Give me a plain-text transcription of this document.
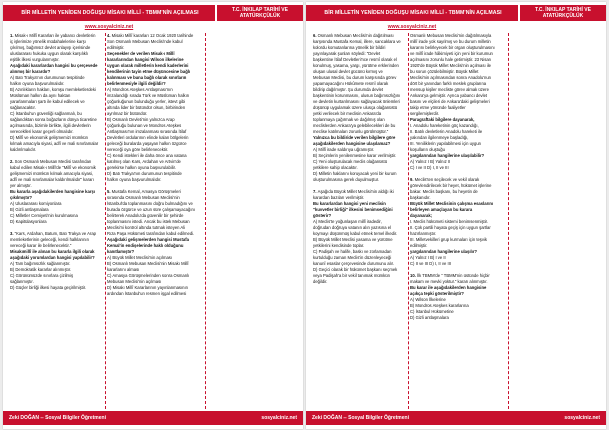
BİR MİLLETİN YENİDEN DOĞUŞU MİSAKI MİLLİ - TBMM'NİN AÇILMASI	T.C. İNKILAP TARİHİ VE
ATATÜRKÇÜLÜK
www.sosyalciniz.net

1. Misak-ı Millî Kararları ile yabancı devletlerin

iç işlerimize yönelik müdahalelerine karşı

çıkılmış, bağımsız devlet anlayışı içerisinde

uluslararası hukuka uygun olarak karşılıklı

eşitlik ilkesi vurgulanmıştır.

Aşağıdaki kararlardan hangisi bu çerçevede

alınmış bir karardır?

A) Batı Trakya'nın durumunun tespitinde

halkın oyuna başvurulmalıdır.

B) Azınlıkların hakları, komşu memleketlerdeki

Müslüman halkın da aynı haktan

yararlanmaları şartı ile kabul edilecek ve

sağlanacaktır.

C) İstanbul'un güvenliği sağlanmalı, bu

sağlandıktan sonra boğazların dünya ticaretine

açılmasında, bizimle birlikte, ilgili devletlerin

vereceklleri karar geçerli olmalıdır.

D) Millî ve ekonomik gelişmemizi mümkün

kılmak amacıyla siyasi, adlî ve mali sınırlamalar

kaldırılmalıdır.

2. Son Osmanlı Mebusan Meclisi tarafından

kabul edilen Misak-ı Millî'de "Millî ve ekonomik

gelişmemizi mümkün kılmak amacıyla siyasi,

adlî ve mali sınırlamalar kaldırılmalıdır" kararı

yer almıştır.

Bu kararla aşağıdakilerden hangisine karşı

çıkılmıştır?

A) Uluslararası komiyonlara

B) Gizli antlaşmalara

C) Milletler Cemiyeti'nin kurulmasına

D) Kapitülasyonlara

3. "Kars, Ardahan, Batum, Batı Trakya ve Arap

memleketlerinin geleceği, kendi halklarının

vereceği karar ile belirlenecektir."

Misakımillî ile alınan bu kararla ilgili olarak

aşağıdaki yorumlardan hangisi yapılabilir?

A) Tam bağımsızlık sağlanmıştır.

B) Demokratik kararlar alınmıştır.

C) Görünümüzde sınırlara çizilmiş

sağlanmıştır.

D) Güçler birliği ilkesi hayata geçirilmiştir.

4. Misakı Millî kararları 12 Ocak 1920 tarihinde

Son Osmanlı Mebusan Meclisi'nde kabul

edilmiştir.

Seçenekler de verilen Misak-ı Millî

kararlarından hangisi Wilson ilkelerine

uygun olarak milletlerin kendi kaderlerini

kendilerinin tayin etme düşüncesine bağlı

kalınması ve buna bağlı olarak sınırların

belirlenmesiyle ilgili değildir?

A) Mondros Ateşkes Antlaşması'nın

imzalandığı sırada Türk ve Müslüman halkın

çoğunluğunun bulunduğu yerler, istevt gibi

altında lider bir bütündür olsun, birbirinden

ayrılmaz bir bütündür.

B) Osmanlı Devleti'nin yalnızca Arap

çoğunluğu bulunan ve Mondros Ateşkes

Antlaşması'nın imzalanması sırasında İtilaf

Devletleri ordularının elinde kalan bölgelerin

geleceği buralarda yaşayan halkın özgürce

vereceği oya göre belirlenecektir.

C) Kendi istekleri ile daha önce ana vatana

katılmış olan Kars, Ardahan ve Artvin'de

gerekirse halkın oyuna başvurulabilir.

D) Batı Trakya'nın durumunun tespitinde

halkın oyuna başvurulmalıdır.

5. Mustafa Kemal, Amasya Görüşmeleri

sırasında Osmanlı Mebusan Meclisi'nin

İstanbul'da toplanmasını doğru bulmadığını ve

burada özgürce ve uzun süre çalışamayacağını

belirterek Anadolu'da güvenilir bir şehirde

toplanmasını istedi. Ancak bu istek Mebusan

Meclisi'ni kontrol altında tutmak isteyen Ali

Rıza Paşa Hükümeti tarafından kabul edilmedi.

Aşağıdaki gelişmelerden hangisi Mustafa

Kemal'in endişelerinde haklı olduğunu

kanıtlamıştır?

A) Büyük Millet Meclisi'nin açılması

B) Osmanlı Mebusan Meclisi'nin Misakı Millî

kararlarını alması

C) Amasya Görüşmelerinden sonra Osmanlı

Mebusan Meclisi'nin açılması

D) Misakı Millî Kararlarının yayınlanmasının

ardından İstanbul'un resmen işgal edilmesi

Zeki DOĞAN -- Sosyal Bilgiler Öğretmeni	sosyalciniz.net
BİR MİLLETİN YENİDEN DOĞUŞU MİSAKI MİLLİ - TBMM'NİN AÇILMASI	T.C. İNKILAP TARİHİ VE
ATATÜRKÇÜLÜK
www.sosyalciniz.net

6. Osmanlı Mebusan Meclisi'nin dağıtılması

karşısında Mustafa Kemal, illere, sancaklara ve

kolordu komutanlarına yönelik bir bildiri

yayınlayarak şunları söyledi: "Devlet

başkentine İtilaf Devletleri'nce resmî olarak el

konulmuş, yasama, yargı, yürütme erklerinden

oluşan ulusal devlet gücünü kırmış ve

Mebusan Meclisi, bu durum karşısında görev

yapamayacağını Hükûmete resmî olarak

bildirip dağılmıştır. Şu durumda devlet

başkentinin korunmasını, ulusun bağımsızlığını

ve devletin kurtarılmasını sağlayacak önlemleri

düşünüp uygulamak üzere ulusça olağanüstü

yetki verilecek bir meclisin Ankara'da

toplanmaya çağırmak ve dağılmış olan

meclislerden Ankara'ya gelebilecekleri de bu

meclise katılmaları zorunlu görülmüştür."

Yalnızca bu bildiride verilen bilgilere göre

aşağıdakilerden hangisine ulaşılamaz?

A) Millî irade saldırıya uğramıştır.

B) Seçimlerin yenilenmesine karar verilmiştir.

C) Yeni oluşturulacak meclis olağanüstü

yetkilere sahip olacaktır.

D) Milletin haklarını koruyacak yeni bir kurum

oluşturulmasına gerek duyulmuştur.

7. Aşağıda Büyük Millet Meclisi'nin aldığı iki

karardan bazıları verilmiştir.

Bu kararlardan hangisi yeni meclisin

"kuvvetler birliği" ilkesini benimsediğini

gösterir?

A) Meclis'te yoğunlaşan millî iradedir,

doğrudan doğruya vatanın alın yazısına el

koymayı düşünmüş kabul etmek temel ilkedir.

B) Büyük Millet Meclisi yasama ve yürütme

yetkilerini kendisinde toplar.

C) Padişah ve halife, baskı ve zorlamadan

kurtulduğu zaman Meclis'in düzenleyeceği

kanunî esaslar çerçevesinde durumunu alır.

D) Geçici olarak bir hükümet başkanı seçmek

veya Padişah'a bir vekil tanımak mümkün

değildir.

Osmanlı Mebusan Meclisi'nin dağıtılmasıyla

millî irade yok sayılmış ve bu durum milletin

kararını belirleyecek bir organ oluşturulmasını

ve millî irade hâkimiyeti için yeni bir kurumun

açılmasını zorunlu hale getirmiştir. 23 Nisan

1920'de Büyük Millet Meclisi'nin açılması ile

bu sorun çözülebilmiştir. Büyük Millet

Meclisi'nin açılmasından sonra Anadolu'nun

dört bir yanından farklı meslek gruplarına

mensup kişiler mecliste görev almak üzere

Ankara'ya gelmiştir. Ayrıca yabancı devlet

basını ve elçileri de Ankara'daki gelişmeleri

takip etme yönünde faaliyetler

sergilemişlerdir.

Paragraftaki bilgilere dayanarak,

I. Anadolu hareketinin göç kazandığı,

II. Batılı devletlerin Anadolu hareketi ile

yakından ilgilenmeye başladığı,

III. Yeniliklerin yapılabilmesi için uygun

koşulların oluştuğu

yargılarından hangilerine ulaşılabilir?

A) Yalnız I B) Yalnız II

C) I ve II D) I, II ve III

9. Meclis'ten seçilecek ve vekil olarak

görevlendirilecek bir heyet, hükümet işlerine

bakar. Meclis başkanı, bu heyetin de

başkanıdır.

Büyük Millet Meclisinin çalışma esaslarını

belirleyen amaçlayan bu karara

dayanarak;

I. Meclis hükümeti sistemi benimsenmiştir.

II. Çok partili hayata geçiş için uygun şartlar

hazırlanmıştır.

III. Milletvekilleri grup kurmaları için teşvik

edilmiştir.

yargılarından hangilerine ulaşılır?

A) Yalnız I B) I ve II

C) II ve III D) I, II ve III

10. İlk TBMM'de " TBMM'nin üstünde hiçbir

makam ve mevki yoktur." kararı alınmıştır.

Bu karar ile aşağıdakilerden hangisine

açıkça tepki gösterilmiştir?

A) Wilson İlkelerine

B) Mondros Ateşkes kararlarına

C) İstanbul Hükümetine

D) Gizli antlaşmalara

Zeki DOĞAN -- Sosyal Bilgiler Öğretmeni	sosyalciniz.net
